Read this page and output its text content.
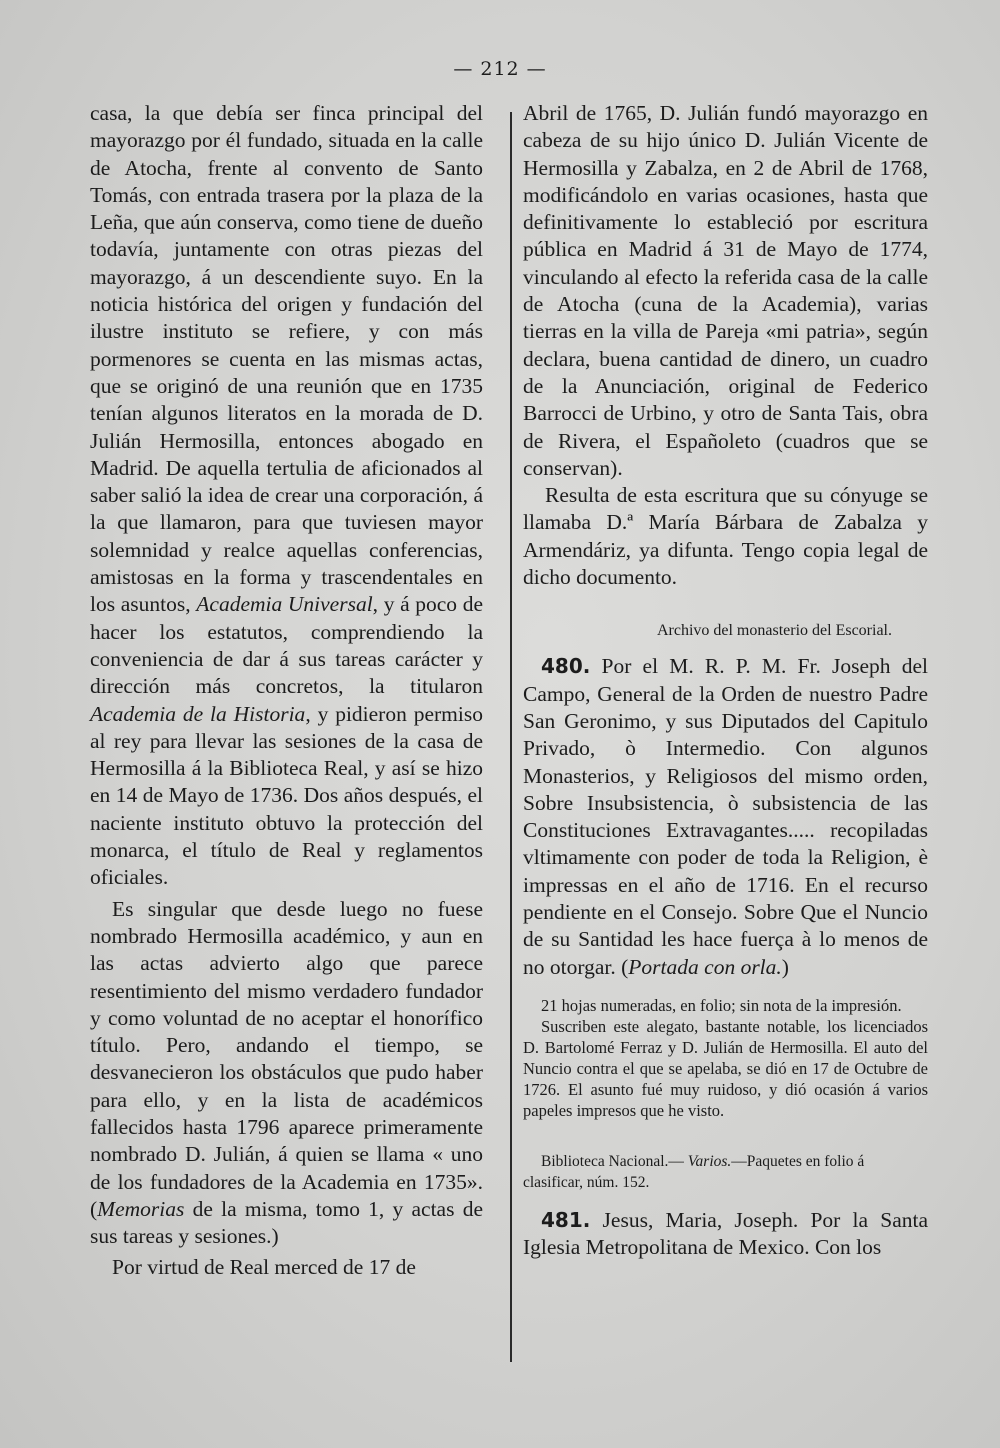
— 212 —

casa, la que debía ser finca principal del mayorazgo por él fundado, situada en la calle de Atocha, frente al convento de Santo Tomás, con entrada trasera por la plaza de la Leña, que aún conserva, como tiene de dueño todavía, juntamente con otras piezas del mayorazgo, á un descendiente suyo. En la noticia histórica del origen y fundación del ilustre instituto se refiere, y con más pormenores se cuenta en las mismas actas, que se originó de una reunión que en 1735 tenían algunos literatos en la morada de D. Julián Hermosilla, entonces abogado en Madrid. De aquella tertulia de aficionados al saber salió la idea de crear una corporación, á la que llamaron, para que tuviesen mayor solemnidad y realce aquellas conferencias, amistosas en la forma y trascendentales en los asuntos, Academia Universal, y á poco de hacer los estatutos, comprendiendo la conveniencia de dar á sus tareas carácter y dirección más concretos, la titularon Academia de la Historia, y pidieron permiso al rey para llevar las sesiones de la casa de Hermosilla á la Biblioteca Real, y así se hizo en 14 de Mayo de 1736. Dos años después, el naciente instituto obtuvo la protección del monarca, el título de Real y reglamentos oficiales.

Es singular que desde luego no fuese nombrado Hermosilla académico, y aun en las actas advierto algo que parece resentimiento del mismo verdadero fundador y como voluntad de no aceptar el honorífico título. Pero, andando el tiempo, se desvanecieron los obstáculos que pudo haber para ello, y en la lista de académicos fallecidos hasta 1796 aparece primeramente nombrado D. Julián, á quien se llama « uno de los fundadores de la Academia en 1735». (Memorias de la misma, tomo 1, y actas de sus tareas y sesiones.)

Por virtud de Real merced de 17 de

Abril de 1765, D. Julián fundó mayorazgo en cabeza de su hijo único D. Julián Vicente de Hermosilla y Zabalza, en 2 de Abril de 1768, modificándolo en varias ocasiones, hasta que definitivamente lo estableció por escritura pública en Madrid á 31 de Mayo de 1774, vinculando al efecto la referida casa de la calle de Atocha (cuna de la Academia), varias tierras en la villa de Pareja «mi patria», según declara, buena cantidad de dinero, un cuadro de la Anunciación, original de Federico Barrocci de Urbino, y otro de Santa Tais, obra de Rivera, el Españoleto (cuadros que se conservan).

Resulta de esta escritura que su cónyuge se llamaba D.ª María Bárbara de Zabalza y Armendáriz, ya difunta. Tengo copia legal de dicho documento.

Archivo del monasterio del Escorial.

480. Por el M. R. P. M. Fr. Joseph del Campo, General de la Orden de nuestro Padre San Geronimo, y sus Diputados del Capitulo Privado, ò Intermedio. Con algunos Monasterios, y Religiosos del mismo orden, Sobre Insubsistencia, ò subsistencia de las Constituciones Extravagantes..... recopiladas vltimamente con poder de toda la Religion, è impressas en el año de 1716. En el recurso pendiente en el Consejo. Sobre Que el Nuncio de su Santidad les hace fuerça à lo menos de no otorgar. (Portada con orla.)

21 hojas numeradas, en folio; sin nota de la impresión.

Suscriben este alegato, bastante notable, los licenciados D. Bartolomé Ferraz y D. Julián de Hermosilla. El auto del Nuncio contra el que se apelaba, se dió en 17 de Octubre de 1726. El asunto fué muy ruidoso, y dió ocasión á varios papeles impresos que he visto.

Biblioteca Nacional.— Varios.—Paquetes en folio á clasificar, núm. 152.

481. Jesus, Maria, Joseph. Por la Santa Iglesia Metropolitana de Mexico. Con los
